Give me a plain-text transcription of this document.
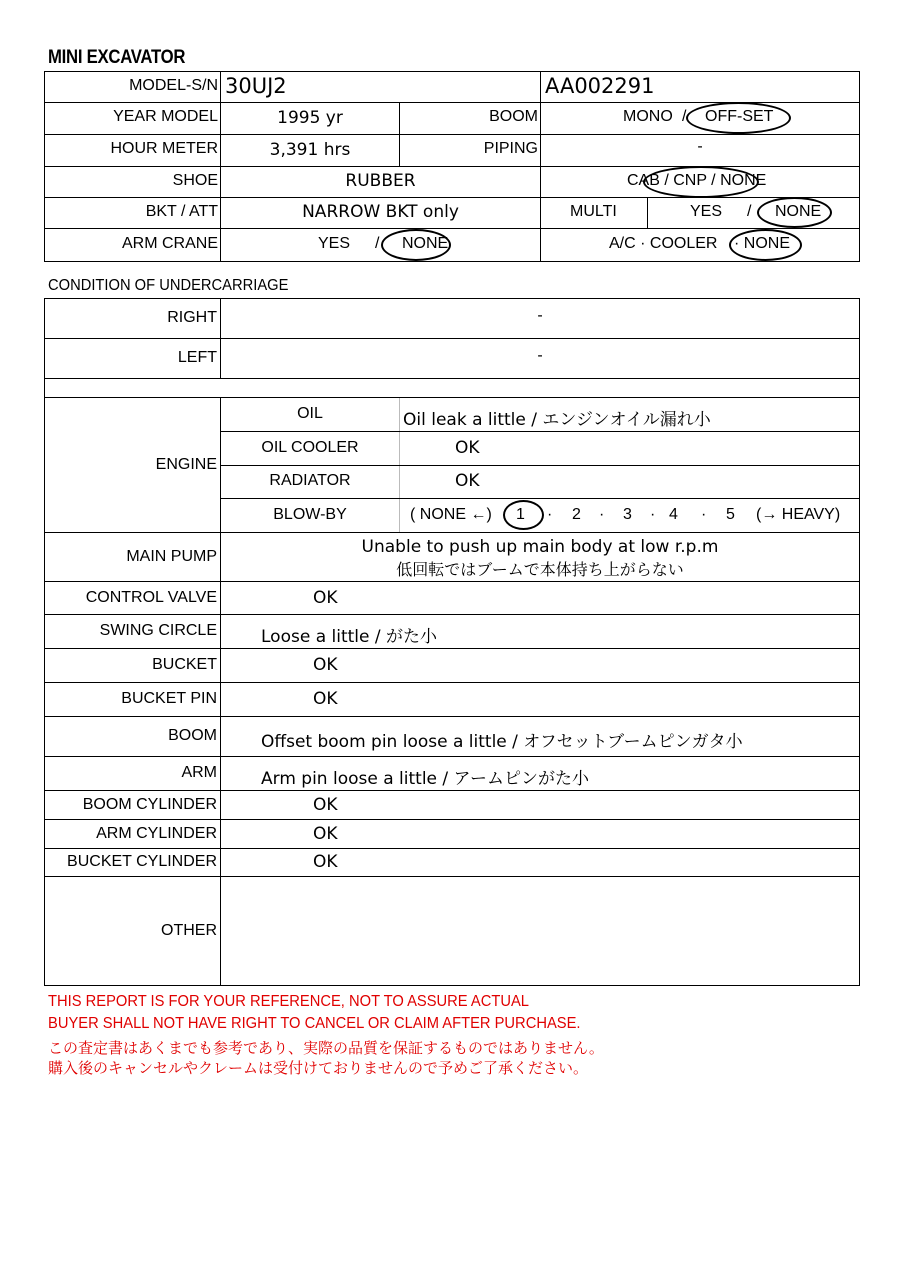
MINI EXCAVATOR
MODEL-S/N 30UJ2	AA002291
YEAR MODEL	1995 yr	BOOM	MONO / OFF-SET
HOUR METER	3,391 hrs	PIPING	-
SHOE	RUBBER	CAB / CNP / NONE
BKT / ATT	NARROW BKT only	MULTI	YES / NONE
ARM CRANE	YES / NONE	A/C · COOLER · NONE
CONDITION OF UNDERCARRIAGE
RIGHT	-
LEFT	-
ENGINE
OIL	Oil leak a little / エンジンオイル漏れ小
OIL COOLER	OK
RADIATOR	OK
BLOW-BY	( NONE ←) 1 · 2 · 3 · 4 · 5 (→ HEAVY)
MAIN PUMP	Unable to push up main body at low r.p.m
低回転ではブームで本体持ち上がらない
CONTROL VALVE	OK
SWING CIRCLE	Loose a little / がた小
BUCKET	OK
BUCKET PIN	OK
BOOM	Offset boom pin loose a little / オフセットブームピンガタ小
ARM	Arm pin loose a little / アームピンがた小
BOOM CYLINDER	OK
ARM CYLINDER	OK
BUCKET CYLINDER	OK
OTHER
THIS REPORT IS FOR YOUR REFERENCE, NOT TO ASSURE ACTUAL
BUYER SHALL NOT HAVE RIGHT TO CANCEL OR CLAIM AFTER PURCHASE.
この査定書はあくまでも参考であり、実際の品質を保証するものではありません。
購入後のキャンセルやクレームは受付けておりませんので予めご了承ください。
